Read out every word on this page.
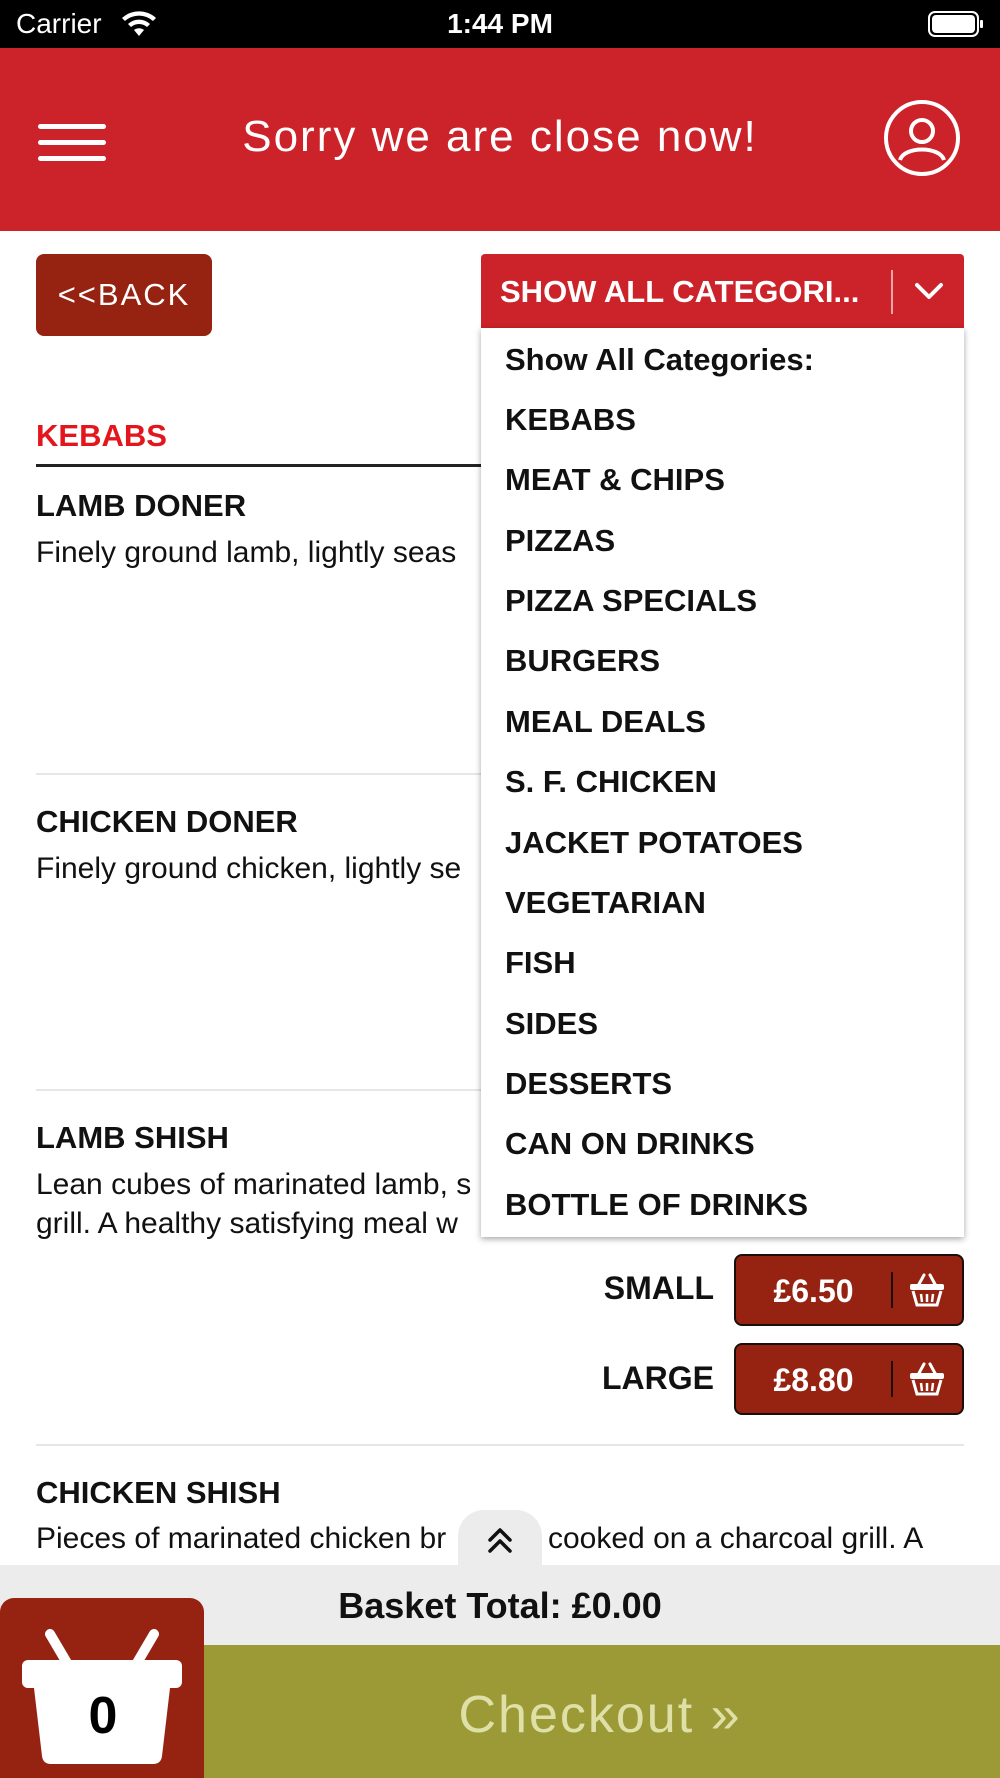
Carrier	1:44 PM
Sorry we are close now!
<<BACK	SHOW ALL CATEGORI...
KEBABS
LAMB DONER
Finely ground lamb, lightly seas
CHICKEN DONER
Finely ground chicken, lightly se
LAMB SHISH
Lean cubes of marinated lamb, s
grill. A healthy satisfying meal w
SMALL	£6.50
LARGE	£8.80
CHICKEN SHISH
Pieces of marinated chicken br	cooked on a charcoal grill. A
Show All Categories:
KEBABS
MEAT & CHIPS
PIZZAS
PIZZA SPECIALS
BURGERS
MEAL DEALS
S. F. CHICKEN
JACKET POTATOES
VEGETARIAN
FISH
SIDES
DESSERTS
CAN ON DRINKS
BOTTLE OF DRINKS
Basket Total: £0.00
Checkout »
0
